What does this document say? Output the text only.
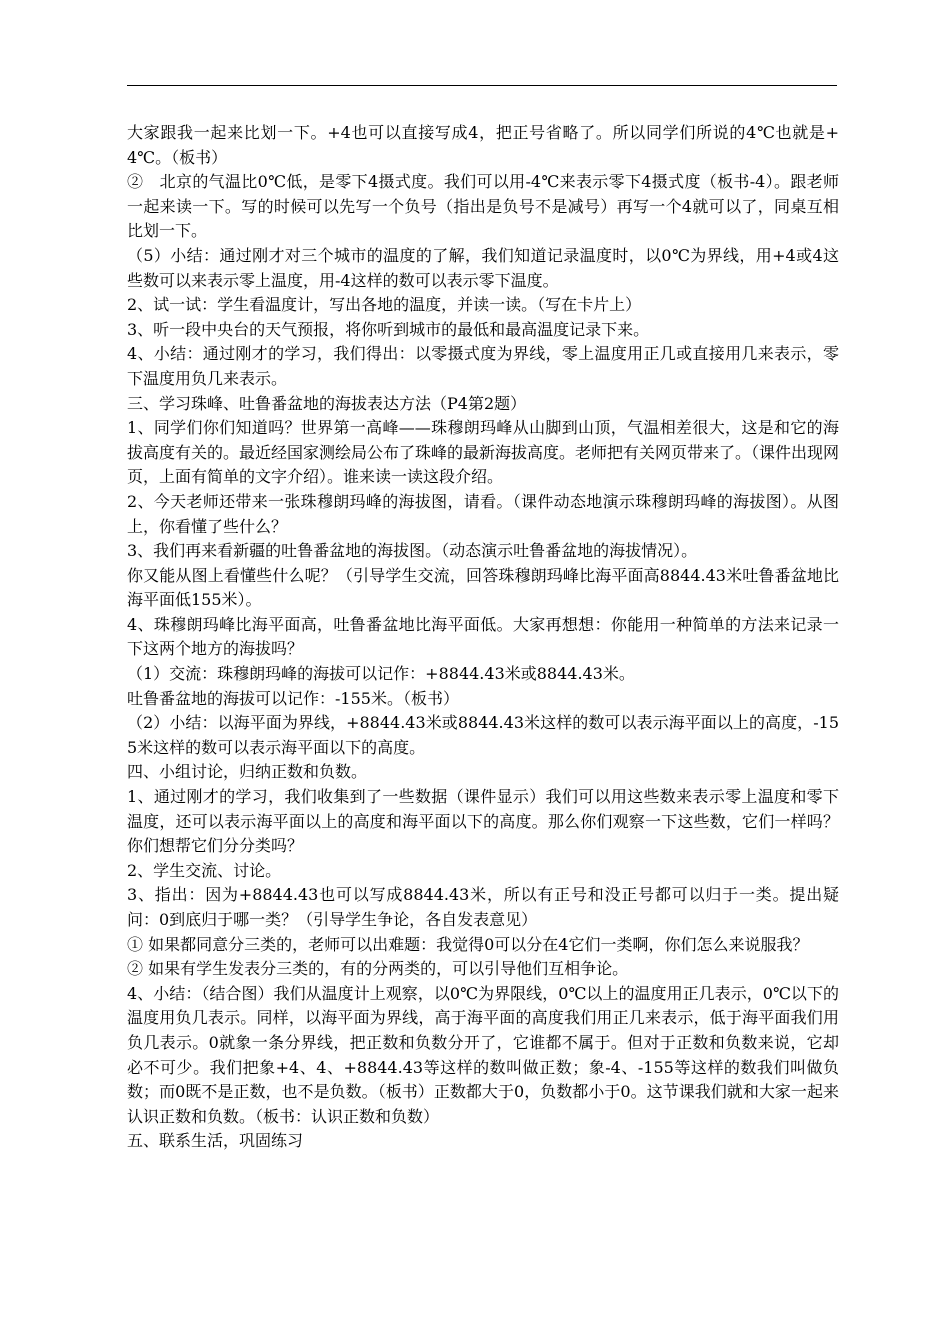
大家跟我一起来比划一下。+4也可以直接写成4，把正号省略了。所以同学们所说的4℃也就是+4℃。（板书）

②　北京的气温比0℃低，是零下4摄式度。我们可以用-4℃来表示零下4摄式度（板书-4）。跟老师一起来读一下。写的时候可以先写一个负号（指出是负号不是减号）再写一个4就可以了，同桌互相比划一下。

（5）小结：通过刚才对三个城市的温度的了解，我们知道记录温度时，以0℃为界线，用+4或4这些数可以来表示零上温度，用-4这样的数可以表示零下温度。

2、试一试：学生看温度计，写出各地的温度，并读一读。（写在卡片上）

3、听一段中央台的天气预报，将你听到城市的最低和最高温度记录下来。

4、小结：通过刚才的学习，我们得出：以零摄式度为界线，零上温度用正几或直接用几来表示，零下温度用负几来表示。

三、学习珠峰、吐鲁番盆地的海拔表达方法（P4第2题）

1、同学们你们知道吗？世界第一高峰——珠穆朗玛峰从山脚到山顶，气温相差很大，这是和它的海拔高度有关的。最近经国家测绘局公布了珠峰的最新海拔高度。老师把有关网页带来了。（课件出现网页，上面有简单的文字介绍）。谁来读一读这段介绍。

2、今天老师还带来一张珠穆朗玛峰的海拔图，请看。（课件动态地演示珠穆朗玛峰的海拔图）。从图上，你看懂了些什么？

3、我们再来看新疆的吐鲁番盆地的海拔图。（动态演示吐鲁番盆地的海拔情况）。

你又能从图上看懂些什么呢？（引导学生交流，回答珠穆朗玛峰比海平面高8844.43米吐鲁番盆地比海平面低155米）。

4、珠穆朗玛峰比海平面高，吐鲁番盆地比海平面低。大家再想想：你能用一种简单的方法来记录一下这两个地方的海拔吗？

（1）交流：珠穆朗玛峰的海拔可以记作：+8844.43米或8844.43米。

吐鲁番盆地的海拔可以记作：-155米。（板书）

（2）小结：以海平面为界线，+8844.43米或8844.43米这样的数可以表示海平面以上的高度，-155米这样的数可以表示海平面以下的高度。

四、小组讨论，归纳正数和负数。

1、通过刚才的学习，我们收集到了一些数据（课件显示）我们可以用这些数来表示零上温度和零下温度，还可以表示海平面以上的高度和海平面以下的高度。那么你们观察一下这些数，它们一样吗？你们想帮它们分分类吗？

2、学生交流、讨论。

3、指出：因为+8844.43也可以写成8844.43米，所以有正号和没正号都可以归于一类。提出疑问：0到底归于哪一类？（引导学生争论，各自发表意见）

① 如果都同意分三类的，老师可以出难题：我觉得0可以分在4它们一类啊，你们怎么来说服我？

② 如果有学生发表分三类的，有的分两类的，可以引导他们互相争论。

4、小结：（结合图）我们从温度计上观察，以0℃为界限线，0℃以上的温度用正几表示，0℃以下的温度用负几表示。同样，以海平面为界线，高于海平面的高度我们用正几来表示，低于海平面我们用负几表示。0就象一条分界线，把正数和负数分开了，它谁都不属于。但对于正数和负数来说，它却必不可少。我们把象+4、4、+8844.43等这样的数叫做正数；象-4、-155等这样的数我们叫做负数；而0既不是正数，也不是负数。（板书）正数都大于0，负数都小于0。这节课我们就和大家一起来认识正数和负数。（板书：认识正数和负数）

五、联系生活，巩固练习
